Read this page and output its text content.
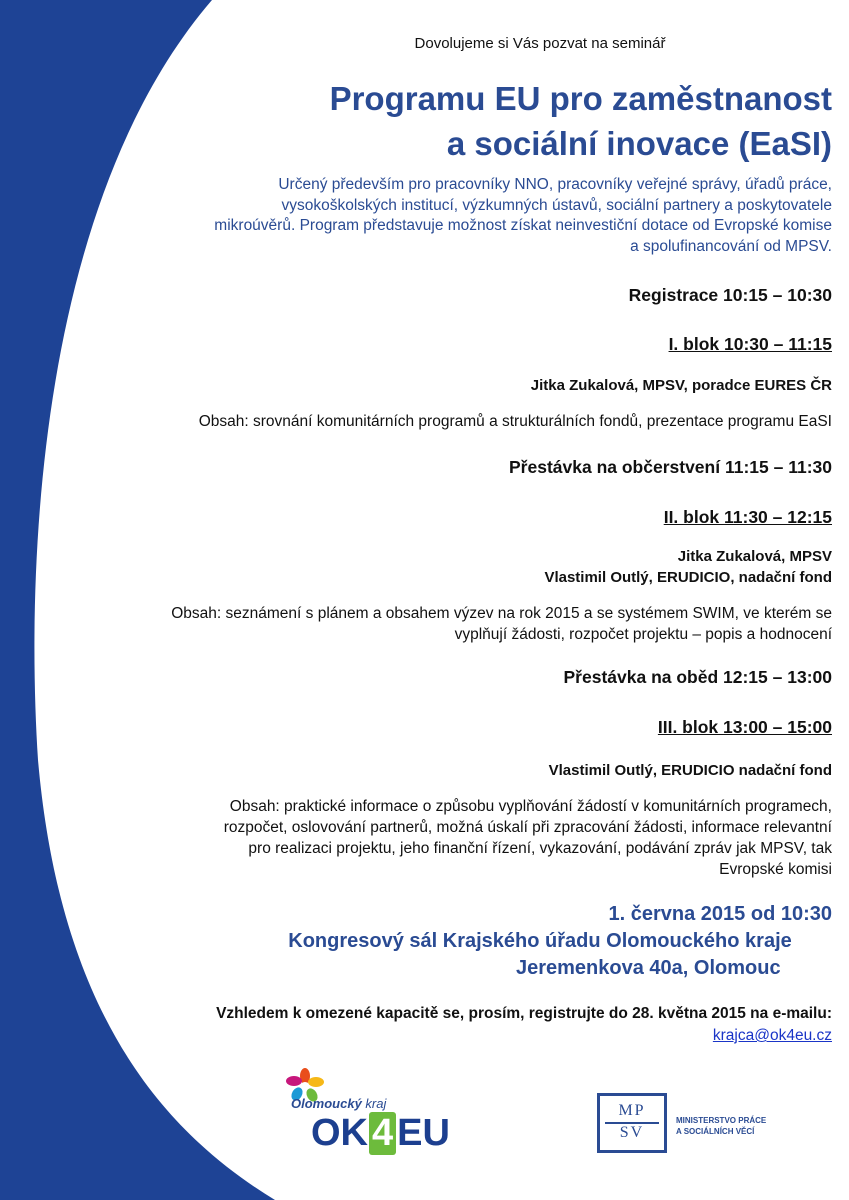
Dovolujeme si Vás pozvat na seminář
Programu EU pro zaměstnanost
a sociální inovace (EaSI)
Určený především pro pracovníky NNO, pracovníky veřejné správy, úřadů práce, vysokoškolských institucí, výzkumných ústavů, sociální partnery a poskytovatele mikroúvěrů. Program představuje možnost získat neinvestiční dotace od Evropské komise a spolufinancování od MPSV.
Registrace 10:15 – 10:30
I. blok 10:30 – 11:15
Jitka Zukalová, MPSV, poradce EURES ČR
Obsah: srovnání komunitárních programů a strukturálních fondů, prezentace programu EaSI
Přestávka na občerstvení 11:15 – 11:30
II. blok 11:30 – 12:15
Jitka Zukalová, MPSV
Vlastimil Outlý, ERUDICIO, nadační fond
Obsah: seznámení s plánem a obsahem výzev na rok 2015 a se systémem SWIM, ve kterém se
vyplňují žádosti, rozpočet projektu – popis a hodnocení
Přestávka na oběd 12:15 – 13:00
III. blok 13:00 – 15:00
Vlastimil Outlý, ERUDICIO nadační fond
Obsah: praktické informace o způsobu vyplňování žádostí v komunitárních programech,
rozpočet, oslovování partnerů, možná úskalí při zpracování žádosti, informace relevantní
pro realizaci projektu, jeho finanční řízení, vykazování, podávání zpráv jak MPSV, tak
Evropské komisi
1. června 2015 od 10:30
Kongresový sál Krajského úřadu Olomouckého kraje
Jeremenkova 40a, Olomouc
Vzhledem k omezené kapacitě se, prosím, registrujte do 28. května 2015 na e-mailu:
krajca@ok4eu.cz
Olomoucký kraj
OK 4 EU
MP
SV
MINISTERSTVO PRÁCE
A SOCIÁLNÍCH VĚCÍ
